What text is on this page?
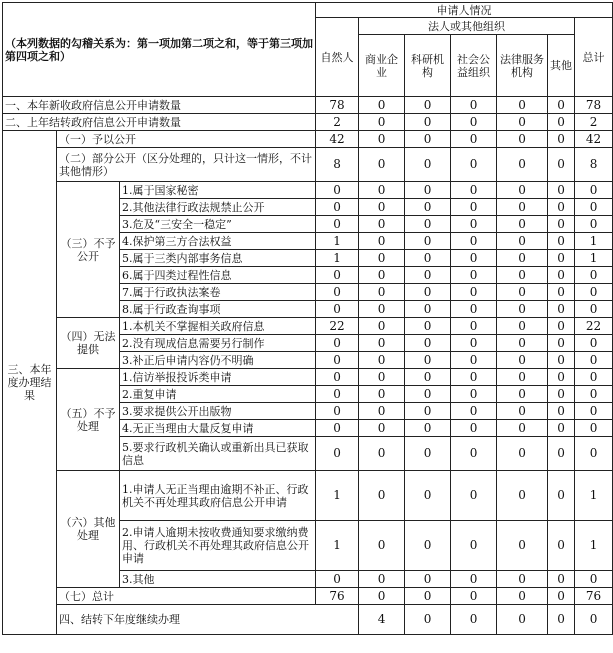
（本列数据的勾稽关系为：第一项加第二项之和，等于第三项加第四项之和）			申请人情况							
			自然人	法人或其他组织					总计	
				商业企业	科研机构	社会公益组织	法律服务机构	其他		
一、本年新收政府信息公开申请数量			78	0	0	0	0	0	78	
二、上年结转政府信息公开申请数量			2	0	0	0	0	0	2	
三、本年度办理结果	（一）予以公开		42	0	0	0	0	0	42	
	（二）部分公开（区分处理的，只计这一情形，不计其他情形）		8	0	0	0	0	0	8	
	（三）不予公开	1.属于国家秘密	0	0	0	0	0	0	0	
		2.其他法律行政法规禁止公开	0	0	0	0	0	0	0	
		3.危及“三安全一稳定”	0	0	0	0	0	0	0	
		4.保护第三方合法权益	1	0	0	0	0	0	1	
		5.属于三类内部事务信息	1	0	0	0	0	0	1	
		6.属于四类过程性信息	0	0	0	0	0	0	0	
		7.属于行政执法案卷	0	0	0	0	0	0	0	
		8.属于行政查询事项	0	0	0	0	0	0	0	
	（四）无法提供	1.本机关不掌握相关政府信息	22	0	0	0	0	0	22	
		2.没有现成信息需要另行制作	0	0	0	0	0	0	0	
		3.补正后申请内容仍不明确	0	0	0	0	0	0	0	
	（五）不予处理	1.信访举报投诉类申请	0	0	0	0	0	0	0	
		2.重复申请	0	0	0	0	0	0	0	
		3.要求提供公开出版物	0	0	0	0	0	0	0	
		4.无正当理由大量反复申请	0	0	0	0	0	0	0	
		5.要求行政机关确认或重新出具已获取信息	0	0	0	0	0	0	0	
	（六）其他处理	1.申请人无正当理由逾期不补正、行政机关不再处理其政府信息公开申请	1	0	0	0	0	0	1	
		2.申请人逾期未按收费通知要求缴纳费用、行政机关不再处理其政府信息公开申请	1	0	0	0	0	0	1	
		3.其他	0	0	0	0	0	0	0	
	（七）总计		76	0	0	0	0	0	76	
	四、结转下年度继续办理			4	0	0	0	0	0	
